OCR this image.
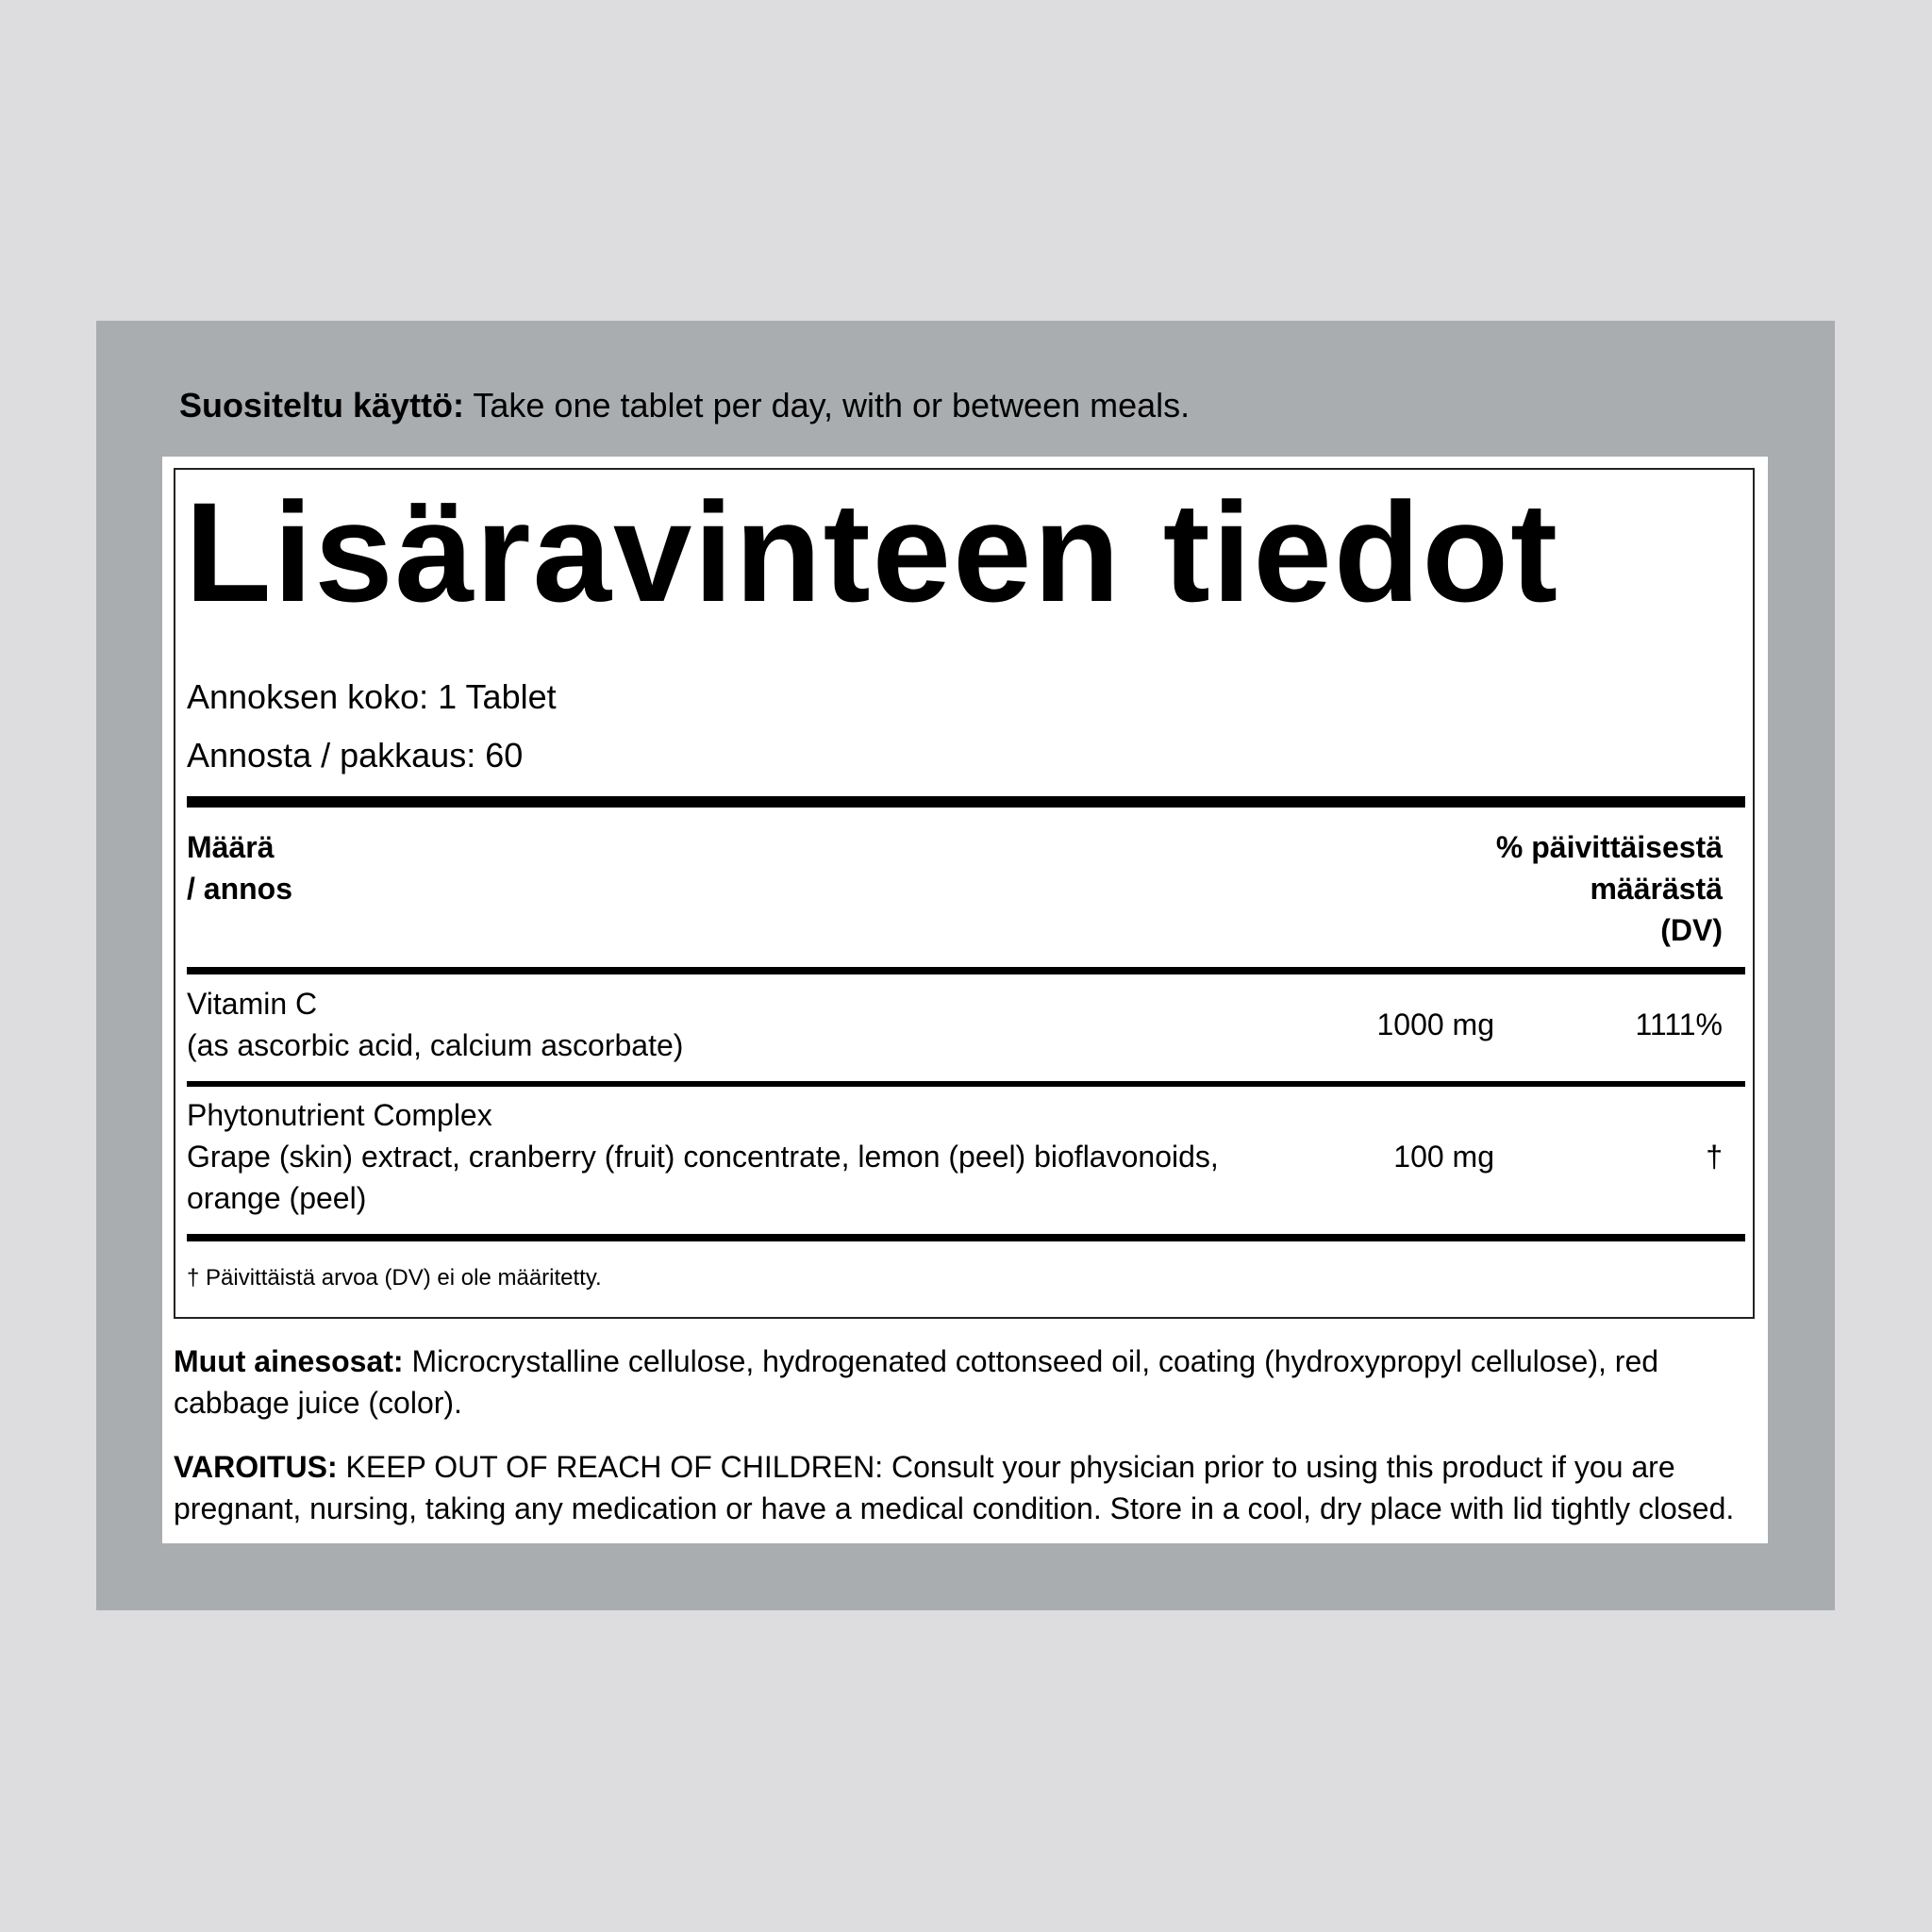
Suositeltu käyttö: Take one tablet per day, with or between meals.
Lisäravinteen tiedot
Annoksen koko: 1 Tablet
Annosta / pakkaus: 60
Määrä
/ annos
% päivittäisestä
määrästä
(DV)
Vitamin C
(as ascorbic acid, calcium ascorbate)
1000 mg	1111%
Phytonutrient Complex
Grape (skin) extract, cranberry (fruit) concentrate, lemon (peel) bioflavonoids,
orange (peel)
100 mg	†
† Päivittäistä arvoa (DV) ei ole määritetty.
Muut ainesosat: Microcrystalline cellulose, hydrogenated cottonseed oil, coating (hydroxypropyl cellulose), red cabbage juice (color).
VAROITUS: KEEP OUT OF REACH OF CHILDREN: Consult your physician prior to using this product if you are pregnant, nursing, taking any medication or have a medical condition. Store in a cool, dry place with lid tightly closed.
